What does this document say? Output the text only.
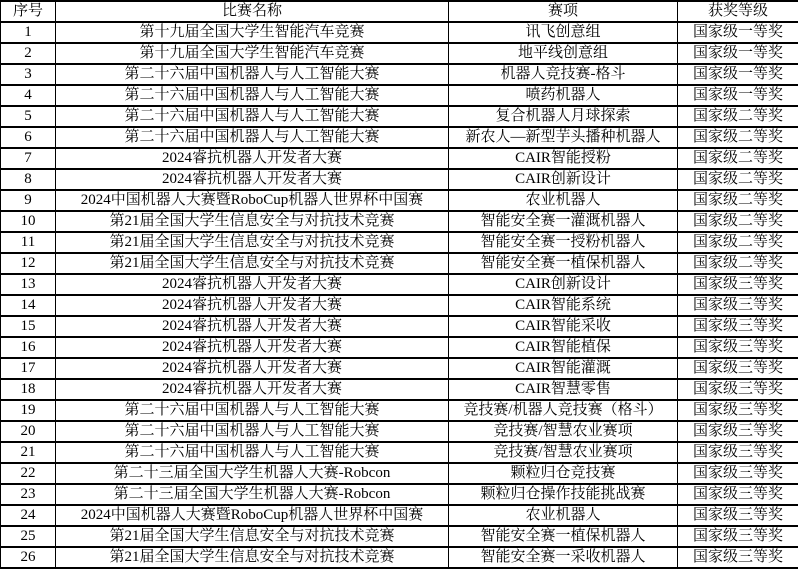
序号	比赛名称	赛项	获奖等级
1	第十九届全国大学生智能汽车竞赛	讯飞创意组	国家级一等奖
2	第十九届全国大学生智能汽车竞赛	地平线创意组	国家级一等奖
3	第二十六届中国机器人与人工智能大赛	机器人竞技赛-格斗	国家级一等奖
4	第二十六届中国机器人与人工智能大赛	喷药机器人	国家级一等奖
5	第二十六届中国机器人与人工智能大赛	复合机器人月球探索	国家级二等奖
6	第二十六届中国机器人与人工智能大赛	新农人—新型芋头播种机器人	国家级二等奖
7	2024睿抗机器人开发者大赛	CAIR智能授粉	国家级二等奖
8	2024睿抗机器人开发者大赛	CAIR创新设计	国家级二等奖
9	2024中国机器人大赛暨RoboCup机器人世界杯中国赛	农业机器人	国家级二等奖
10	第21届全国大学生信息安全与对抗技术竞赛	智能安全赛一灌溉机器人	国家级二等奖
11	第21届全国大学生信息安全与对抗技术竞赛	智能安全赛一授粉机器人	国家级二等奖
12	第21届全国大学生信息安全与对抗技术竞赛	智能安全赛一植保机器人	国家级二等奖
13	2024睿抗机器人开发者大赛	CAIR创新设计	国家级三等奖
14	2024睿抗机器人开发者大赛	CAIR智能系统	国家级三等奖
15	2024睿抗机器人开发者大赛	CAIR智能采收	国家级三等奖
16	2024睿抗机器人开发者大赛	CAIR智能植保	国家级三等奖
17	2024睿抗机器人开发者大赛	CAIR智能灌溉	国家级三等奖
18	2024睿抗机器人开发者大赛	CAIR智慧零售	国家级三等奖
19	第二十六届中国机器人与人工智能大赛	竞技赛/机器人竞技赛（格斗）	国家级三等奖
20	第二十六届中国机器人与人工智能大赛	竞技赛/智慧农业赛项	国家级三等奖
21	第二十六届中国机器人与人工智能大赛	竞技赛/智慧农业赛项	国家级三等奖
22	第二十三届全国大学生机器人大赛-Robcon	颗粒归仓竞技赛	国家级三等奖
23	第二十三届全国大学生机器人大赛-Robcon	颗粒归仓操作技能挑战赛	国家级三等奖
24	2024中国机器人大赛暨RoboCup机器人世界杯中国赛	农业机器人	国家级三等奖
25	第21届全国大学生信息安全与对抗技术竞赛	智能安全赛一植保机器人	国家级三等奖
26	第21届全国大学生信息安全与对抗技术竞赛	智能安全赛一采收机器人	国家级三等奖
